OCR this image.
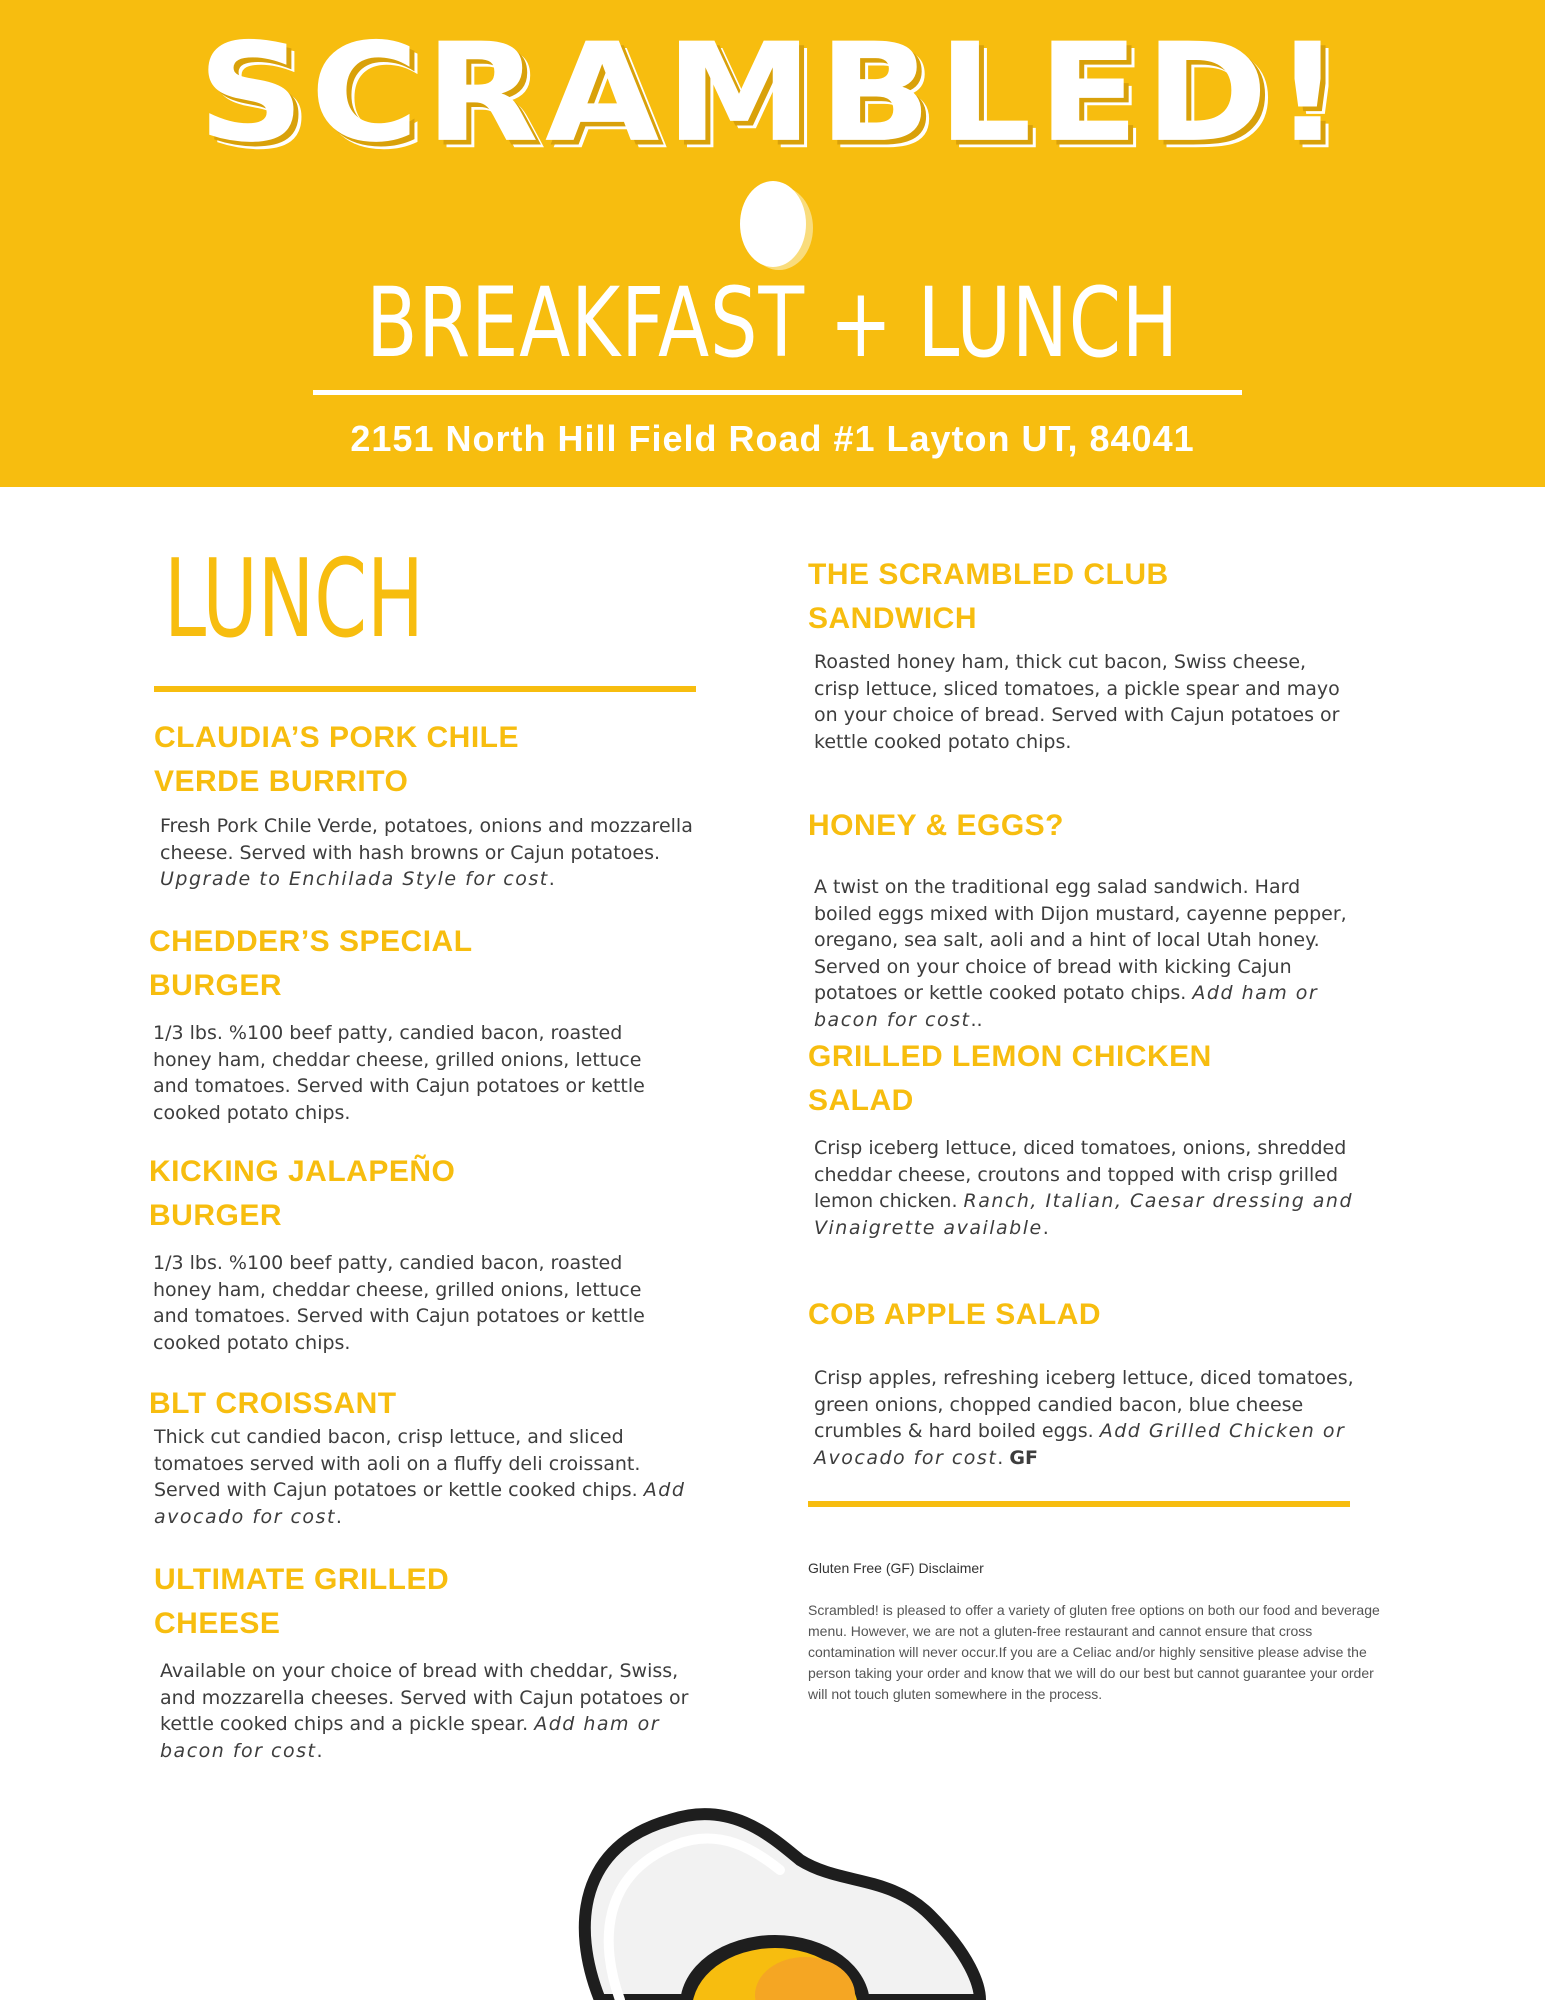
SCRAMBLED!
BREAKFAST + LUNCH
2151 North Hill Field Road #1 Layton UT, 84041
LUNCH
CLAUDIA’S PORK CHILE
VERDE BURRITO

Fresh Pork Chile Verde, potatoes, onions and mozzarella cheese. Served with hash browns or Cajun potatoes.
Upgrade to Enchilada Style for cost.

CHEDDER’S SPECIAL
BURGER

1/3 lbs. %100 beef patty, candied bacon, roasted honey ham, cheddar cheese, grilled onions, lettuce and tomatoes. Served with Cajun potatoes or kettle cooked potato chips.

KICKING JALAPEÑO
BURGER

1/3 lbs. %100 beef patty, candied bacon, roasted honey ham, cheddar cheese, grilled onions, lettuce and tomatoes. Served with Cajun potatoes or kettle cooked potato chips.

BLT CROISSANT

Thick cut candied bacon, crisp lettuce, and sliced tomatoes served with aoli on a fluffy deli croissant. Served with Cajun potatoes or kettle cooked chips. Add avocado for cost.

ULTIMATE GRILLED
CHEESE

Available on your choice of bread with cheddar, Swiss, and mozzarella cheeses. Served with Cajun potatoes or kettle cooked chips and a pickle spear. Add ham or bacon for cost.

THE SCRAMBLED CLUB
SANDWICH

Roasted honey ham, thick cut bacon, Swiss cheese, crisp lettuce, sliced tomatoes, a pickle spear and mayo on your choice of bread. Served with Cajun potatoes or kettle cooked potato chips.

HONEY & EGGS?

A twist on the traditional egg salad sandwich. Hard boiled eggs mixed with Dijon mustard, cayenne pepper, oregano, sea salt, aoli and a hint of local Utah honey. Served on your choice of bread with kicking Cajun potatoes or kettle cooked potato chips. Add ham or bacon for cost..

GRILLED LEMON CHICKEN
SALAD

Crisp iceberg lettuce, diced tomatoes, onions, shredded cheddar cheese, croutons and topped with crisp grilled lemon chicken. Ranch, Italian, Caesar dressing and Vinaigrette available.

COB APPLE SALAD

Crisp apples, refreshing iceberg lettuce, diced tomatoes, green onions, chopped candied bacon, blue cheese crumbles & hard boiled eggs. Add Grilled Chicken or Avocado for cost. GF

Gluten Free (GF) Disclaimer

Scrambled! is pleased to offer a variety of gluten free options on both our food and beverage menu. However, we are not a gluten-free restaurant and cannot ensure that cross contamination will never occur.If you are a Celiac and/or highly sensitive please advise the person taking your order and know that we will do our best but cannot guarantee your order will not touch gluten somewhere in the process.
